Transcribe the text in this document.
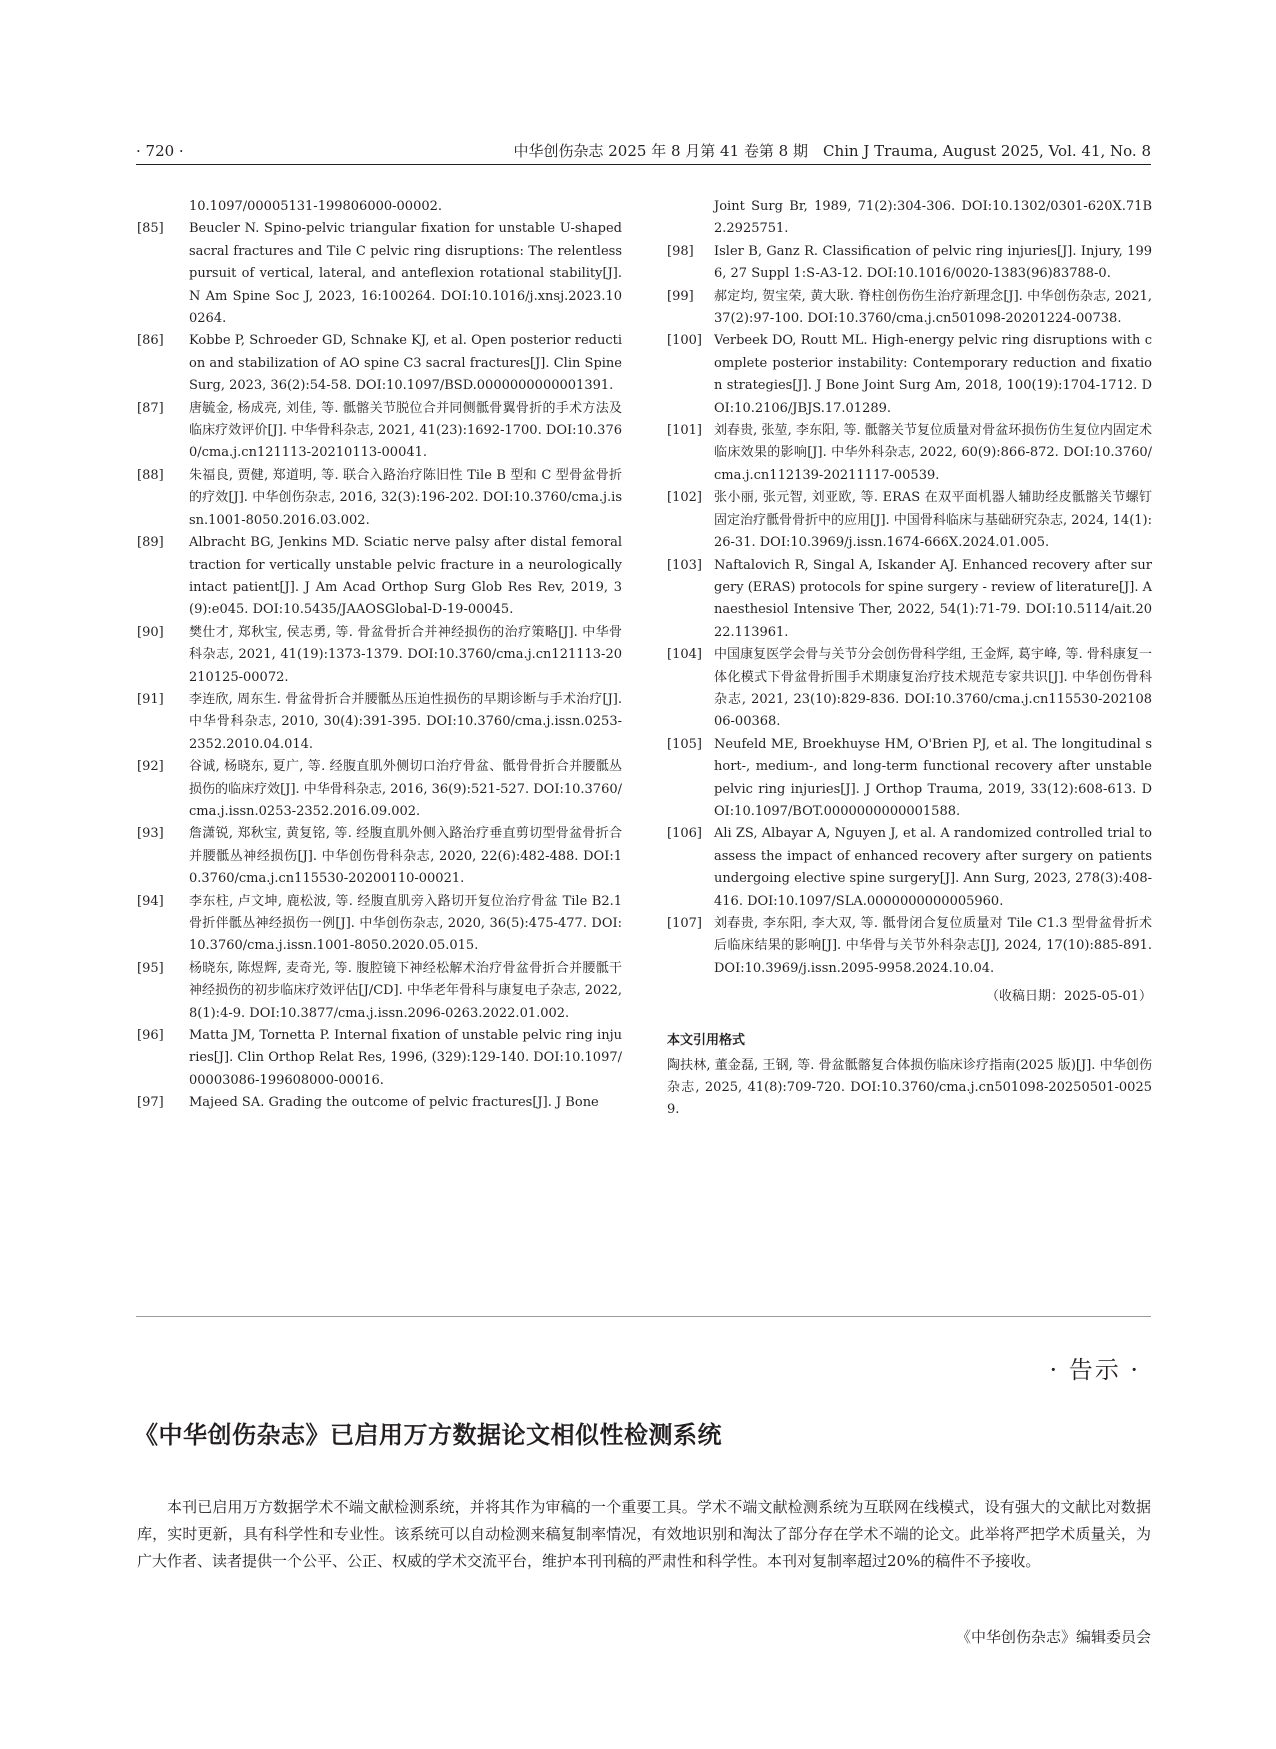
· 720 ·	中华创伤杂志 2025 年 8 月第 41 卷第 8 期　Chin J Trauma, August 2025, Vol. 41, No. 8
10.1097/00005131-199806000-00002.
[85]	Beucler N. Spino-pelvic triangular fixation for unstable U-shaped sacral fractures and Tile C pelvic ring disruptions: The relentless pursuit of vertical, lateral, and anteflexion rotational stability[J]. N Am Spine Soc J, 2023, 16:100264. DOI:10.1016/j.xnsj.2023.100264.
[86]	Kobbe P, Schroeder GD, Schnake KJ, et al. Open posterior reduction and stabilization of AO spine C3 sacral fractures[J]. Clin Spine Surg, 2023, 36(2):54-58. DOI:10.1097/BSD.0000000000001391.
[87]	唐毓金, 杨成亮, 刘佳, 等. 骶髂关节脱位合并同侧骶骨翼骨折的手术方法及临床疗效评价[J]. 中华骨科杂志, 2021, 41(23):1692-1700. DOI:10.3760/cma.j.cn121113-20210113-00041.
[88]	朱福良, 贾健, 郑道明, 等. 联合入路治疗陈旧性 Tile B 型和 C 型骨盆骨折的疗效[J]. 中华创伤杂志, 2016, 32(3):196-202. DOI:10.3760/cma.j.issn.1001-8050.2016.03.002.
[89]	Albracht BG, Jenkins MD. Sciatic nerve palsy after distal femoral traction for vertically unstable pelvic fracture in a neurologically intact patient[J]. J Am Acad Orthop Surg Glob Res Rev, 2019, 3(9):e045. DOI:10.5435/JAAOSGlobal-D-19-00045.
[90]	樊仕才, 郑秋宝, 侯志勇, 等. 骨盆骨折合并神经损伤的治疗策略[J]. 中华骨科杂志, 2021, 41(19):1373-1379. DOI:10.3760/cma.j.cn121113-20210125-00072.
[91]	李连欣, 周东生. 骨盆骨折合并腰骶丛压迫性损伤的早期诊断与手术治疗[J]. 中华骨科杂志, 2010, 30(4):391-395. DOI:10.3760/cma.j.issn.0253-2352.2010.04.014.
[92]	谷诚, 杨晓东, 夏广, 等. 经腹直肌外侧切口治疗骨盆、骶骨骨折合并腰骶丛损伤的临床疗效[J]. 中华骨科杂志, 2016, 36(9):521-527. DOI:10.3760/cma.j.issn.0253-2352.2016.09.002.
[93]	詹潇锐, 郑秋宝, 黄复铭, 等. 经腹直肌外侧入路治疗垂直剪切型骨盆骨折合并腰骶丛神经损伤[J]. 中华创伤骨科杂志, 2020, 22(6):482-488. DOI:10.3760/cma.j.cn115530-20200110-00021.
[94]	李东柱, 卢文坤, 鹿松波, 等. 经腹直肌旁入路切开复位治疗骨盆 Tile B2.1 骨折伴骶丛神经损伤一例[J]. 中华创伤杂志, 2020, 36(5):475-477. DOI:10.3760/cma.j.issn.1001-8050.2020.05.015.
[95]	杨晓东, 陈煜辉, 麦奇光, 等. 腹腔镜下神经松解术治疗骨盆骨折合并腰骶干神经损伤的初步临床疗效评估[J/CD]. 中华老年骨科与康复电子杂志, 2022, 8(1):4-9. DOI:10.3877/cma.j.issn.2096-0263.2022.01.002.
[96]	Matta JM, Tornetta P. Internal fixation of unstable pelvic ring injuries[J]. Clin Orthop Relat Res, 1996, (329):129-140. DOI:10.1097/00003086-199608000-00016.
[97]	Majeed SA. Grading the outcome of pelvic fractures[J]. J Bone
Joint Surg Br, 1989, 71(2):304-306. DOI:10.1302/0301-620X.71B2.2925751.
[98]	Isler B, Ganz R. Classification of pelvic ring injuries[J]. Injury, 1996, 27 Suppl 1:S-A3-12. DOI:10.1016/0020-1383(96)83788-0.
[99]	郝定均, 贺宝荣, 黄大耿. 脊柱创伤伤生治疗新理念[J]. 中华创伤杂志, 2021, 37(2):97-100. DOI:10.3760/cma.j.cn501098-20201224-00738.
[100] Verbeek DO, Routt ML. High-energy pelvic ring disruptions with complete posterior instability: Contemporary reduction and fixation strategies[J]. J Bone Joint Surg Am, 2018, 100(19):1704-1712. DOI:10.2106/JBJS.17.01289.
[101] 刘春贵, 张堃, 李东阳, 等. 骶髂关节复位质量对骨盆环损伤仿生复位内固定术临床效果的影响[J]. 中华外科杂志, 2022, 60(9):866-872. DOI:10.3760/cma.j.cn112139-20211117-00539.
[102] 张小丽, 张元智, 刘亚欧, 等. ERAS 在双平面机器人辅助经皮骶髂关节螺钉固定治疗骶骨骨折中的应用[J]. 中国骨科临床与基础研究杂志, 2024, 14(1):26-31. DOI:10.3969/j.issn.1674-666X.2024.01.005.
[103] Naftalovich R, Singal A, Iskander AJ. Enhanced recovery after surgery (ERAS) protocols for spine surgery - review of literature[J]. Anaesthesiol Intensive Ther, 2022, 54(1):71-79. DOI:10.5114/ait.2022.113961.
[104] 中国康复医学会骨与关节分会创伤骨科学组, 王金辉, 葛宇峰, 等. 骨科康复一体化模式下骨盆骨折围手术期康复治疗技术规范专家共识[J]. 中华创伤骨科杂志, 2021, 23(10):829-836. DOI:10.3760/cma.j.cn115530-20210806-00368.
[105] Neufeld ME, Broekhuyse HM, O'Brien PJ, et al. The longitudinal short-, medium-, and long-term functional recovery after unstable pelvic ring injuries[J]. J Orthop Trauma, 2019, 33(12):608-613. DOI:10.1097/BOT.0000000000001588.
[106] Ali ZS, Albayar A, Nguyen J, et al. A randomized controlled trial to assess the impact of enhanced recovery after surgery on patients undergoing elective spine surgery[J]. Ann Surg, 2023, 278(3):408-416. DOI:10.1097/SLA.0000000000005960.
[107] 刘春贵, 李东阳, 李大双, 等. 骶骨闭合复位质量对 Tile C1.3 型骨盆骨折术后临床结果的影响[J]. 中华骨与关节外科杂志[J], 2024, 17(10):885-891. DOI:10.3969/j.issn.2095-9958.2024.10.04.
（收稿日期：2025-05-01）
本文引用格式
陶扶林, 董金磊, 王钢, 等. 骨盆骶髂复合体损伤临床诊疗指南(2025 版)[J]. 中华创伤杂志, 2025, 41(8):709-720. DOI:10.3760/cma.j.cn501098-20250501-00259.
· 告示 ·
《中华创伤杂志》已启用万方数据论文相似性检测系统
本刊已启用万方数据学术不端文献检测系统，并将其作为审稿的一个重要工具。学术不端文献检测系统为互联网在线模式，设有强大的文献比对数据库，实时更新，具有科学性和专业性。该系统可以自动检测来稿复制率情况，有效地识别和淘汰了部分存在学术不端的论文。此举将严把学术质量关，为广大作者、读者提供一个公平、公正、权威的学术交流平台，维护本刊刊稿的严肃性和科学性。本刊对复制率超过20%的稿件不予接收。
《中华创伤杂志》编辑委员会
